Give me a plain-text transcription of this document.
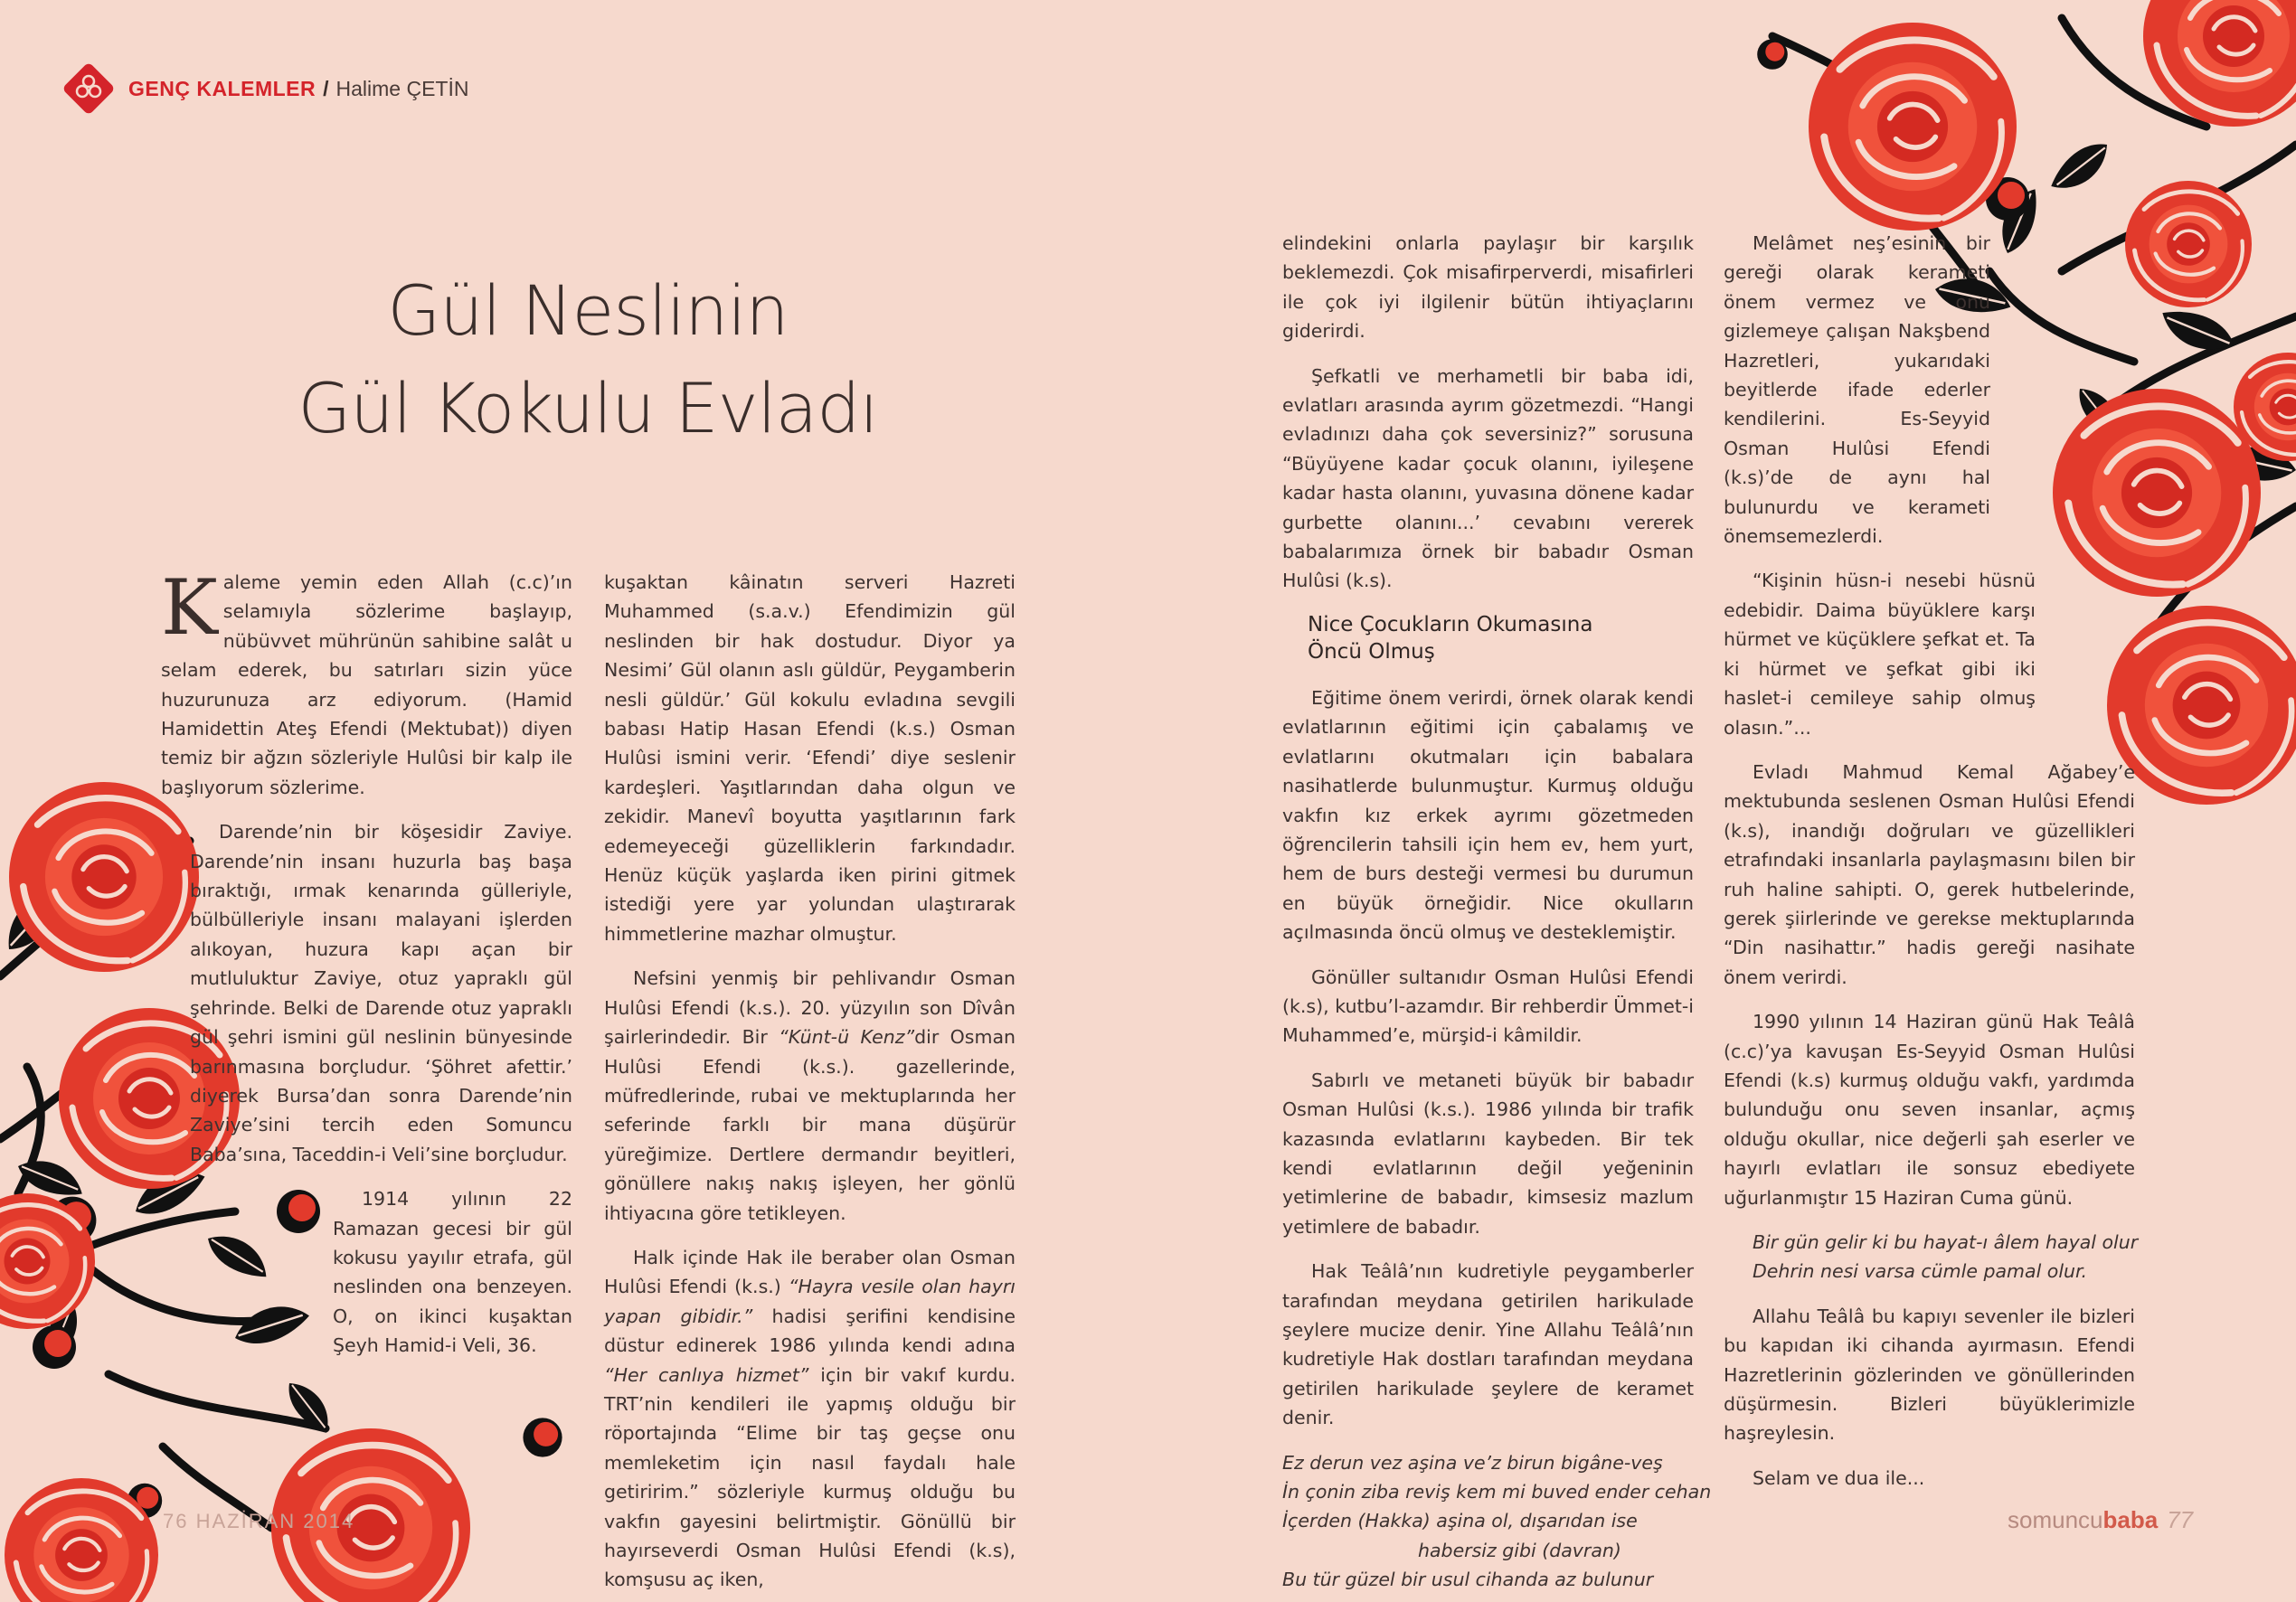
GENÇ KALEMLER / Halime ÇETİN
Gül Neslinin
Gül Kokulu Evladı

Kaleme yemin eden Allah (c.c)’ın selamıyla sözlerime başlayıp, nübüvvet mührünün sahibine salât u selam ederek, bu satırları sizin yüce huzurunuza arz ediyorum. (Hamid Hamidettin Ateş Efendi (Mektubat)) diyen temiz bir ağzın sözleriyle Hulûsi bir kalp ile başlıyorum sözlerime.

Darende’nin bir köşesidir Zaviye. Darende’nin insanı huzurla baş başa bıraktığı, ırmak kenarında gülleriyle, bülbülleriyle insanı malayani işlerden alıkoyan, huzura kapı açan bir mutluluktur Zaviye, otuz yapraklı gül şehrinde. Belki de Darende otuz yapraklı gül şehri ismini gül neslinin bünyesinde barınmasına borçludur. ‘Şöhret afettir.’ diyerek Bursa’dan sonra Darende’nin Zaviye’sini tercih eden Somuncu Baba’sına, Taceddin-i Veli’sine borçludur.

1914 yılının 22 Ramazan gecesi bir gül kokusu yayılır etrafa, gül neslinden ona benzeyen. O, on ikinci kuşaktan Şeyh Hamid-i Veli, 36.

kuşaktan kâinatın serveri Hazreti Muhammed (s.a.v.) Efendimizin gül neslinden bir hak dostudur. Diyor ya Nesimi’ Gül olanın aslı güldür, Peygamberin nesli güldür.’ Gül kokulu evladına sevgili babası Hatip Hasan Efendi (k.s.) Osman Hulûsi ismini verir. ‘Efendi’ diye seslenir kardeşleri. Yaşıtlarından daha olgun ve zekidir. Manevî boyutta yaşıtlarının fark edemeyeceği güzelliklerin farkındadır. Henüz küçük yaşlarda iken pirini gitmek istediği yere yar yolundan ulaştırarak himmetlerine mazhar olmuştur.

Nefsini yenmiş bir pehlivandır Osman Hulûsi Efendi (k.s.). 20. yüzyılın son Dîvân şairlerindedir. Bir “Künt-ü Kenz”dir Osman Hulûsi Efendi (k.s.). gazellerinde, müfredlerinde, rubai ve mektuplarında her seferinde farklı bir mana düşürür yüreğimize. Dertlere dermandır beyitleri, gönüllere nakış nakış işleyen, her gönlü ihtiyacına göre tetikleyen.

Halk içinde Hak ile beraber olan Osman Hulûsi Efendi (k.s.) “Hayra vesile olan hayrı yapan gibidir.” hadisi şerifini kendisine düstur edinerek 1986 yılında kendi adına “Her canlıya hizmet” için bir vakıf kurdu. TRT’nin kendileri ile yapmış olduğu bir röportajında “Elime bir taş geçse onu memleketim için nasıl faydalı hale getiririm.” sözleriyle kurmuş olduğu bu vakfın gayesini belirtmiştir. Gönüllü bir hayırseverdi Osman Hulûsi Efendi (k.s), komşusu aç iken,

elindekini onlarla paylaşır bir karşılık beklemezdi. Çok misafirperverdi, misafirleri ile çok iyi ilgilenir bütün ihtiyaçlarını giderirdi.

Şefkatli ve merhametli bir baba idi, evlatları arasında ayrım gözetmezdi. “Hangi evladınızı daha çok seversiniz?” sorusuna “Büyüyene kadar çocuk olanını, iyileşene kadar hasta olanını, yuvasına dönene kadar gurbette olanını...’ cevabını vererek babalarımıza örnek bir babadır Osman Hulûsi (k.s).

Nice Çocukların Okumasına
Öncü Olmuş

Eğitime önem verirdi, örnek olarak kendi evlatlarının eğitimi için çabalamış ve evlatlarını okutmaları için babalara nasihatlerde bulunmuştur. Kurmuş olduğu vakfın kız erkek ayrımı gözetmeden öğrencilerin tahsili için hem ev, hem yurt, hem de burs desteği vermesi bu durumun en büyük örneğidir. Nice okulların açılmasında öncü olmuş ve desteklemiştir.

Gönüller sultanıdır Osman Hulûsi Efendi (k.s), kutbu’l-azamdır. Bir rehberdir Ümmet-i Muhammed’e, mürşid-i kâmildir.

Sabırlı ve metaneti büyük bir babadır Osman Hulûsi (k.s.). 1986 yılında bir trafik kazasında evlatlarını kaybeden. Bir tek kendi evlatlarının değil yeğeninin yetimlerine de babadır, kimsesiz mazlum yetimlere de babadır.

Hak Teâlâ’nın kudretiyle peygamberler tarafından meydana getirilen harikulade şeylere mucize denir. Yine Allahu Teâlâ’nın kudretiyle Hak dostları tarafından meydana getirilen harikulade şeylere de keramet denir.

Ez derun vez aşina ve’z birun bigâne-veş
İn çonin ziba reviş kem mi buved ender cehan
İçerden (Hakka) aşina ol, dışarıdan ise
habersiz gibi (davran)
Bu tür güzel bir usul cihanda az bulunur

Melâmet neş’esinin bir gereği olarak kerameti önem vermez ve onu gizlemeye çalışan Nakşbend Hazretleri, yukarıdaki beyitlerde ifade ederler kendilerini. Es-Seyyid Osman Hulûsi Efendi (k.s)’de de aynı hal bulunurdu ve kerameti önemsemezlerdi.

“Kişinin hüsn-i nesebi hüsnü edebidir. Daima büyüklere karşı hürmet ve küçüklere şefkat et. Ta ki hürmet ve şefkat gibi iki haslet-i cemileye sahip olmuş olasın.”...

Evladı Mahmud Kemal Ağabey’e mektubunda seslenen Osman Hulûsi Efendi (k.s), inandığı doğruları ve güzellikleri etrafındaki insanlarla paylaşmasını bilen bir ruh haline sahipti. O, gerek hutbelerinde, gerek şiirlerinde ve gerekse mektuplarında “Din nasihattır.” hadis gereği nasihate önem verirdi.

1990 yılının 14 Haziran günü Hak Teâlâ (c.c)’ya kavuşan Es-Seyyid Osman Hulûsi Efendi (k.s) kurmuş olduğu vakfı, yardımda bulunduğu onu seven insanlar, açmış olduğu okullar, nice değerli şah eserler ve hayırlı evlatları ile sonsuz ebediyete uğurlanmıştır 15 Haziran Cuma günü.

Bir gün gelir ki bu hayat-ı âlem hayal olur
Dehrin nesi varsa cümle pamal olur.

Allahu Teâlâ bu kapıyı sevenler ile bizleri bu kapıdan iki cihanda ayırmasın. Efendi Hazretlerinin gözlerinden ve gönüllerinden düşürmesin. Bizleri büyüklerimizle haşreylesin.

Selam ve dua ile...

76 HAZİRAN 2014	somuncubaba 77
